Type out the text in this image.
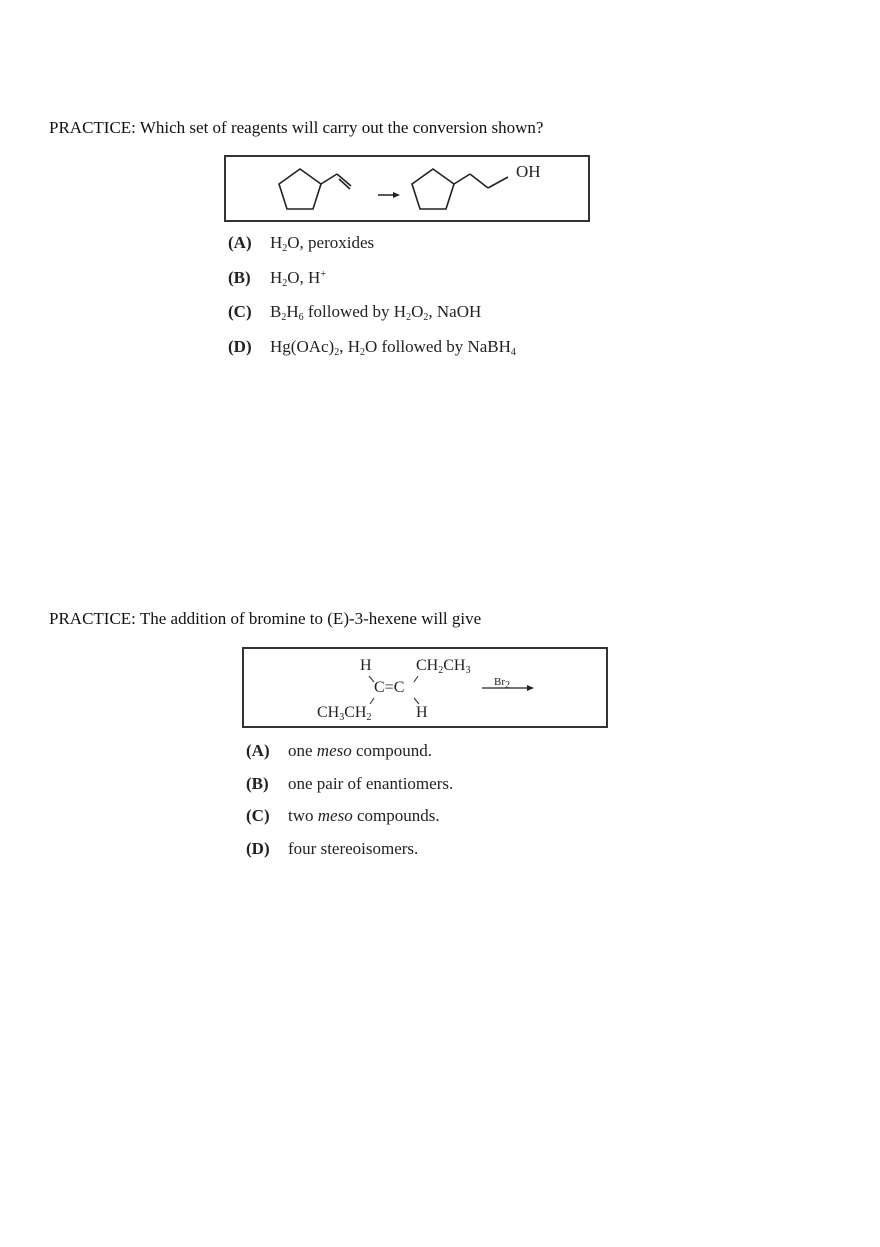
PRACTICE: Which set of reagents will carry out the conversion shown?
OH
(A) $H_2O$, peroxides
(B) $H_2O$, H+
(C) $B_2H_6$ followed by $H_2O_2$, NaOH
(D) $Hg(OAc)_2$, $H_2O$ followed by NaBH$_4$
PRACTICE: The addition of bromine to (E)-3-hexene will give
H	$CH_2CH_3$
C=C
$CH_3CH_2$	H
$Br_2$
(A) one meso compound.
(B) one pair of enantiomers.
(C) two meso compounds.
(D) four stereoisomers.
